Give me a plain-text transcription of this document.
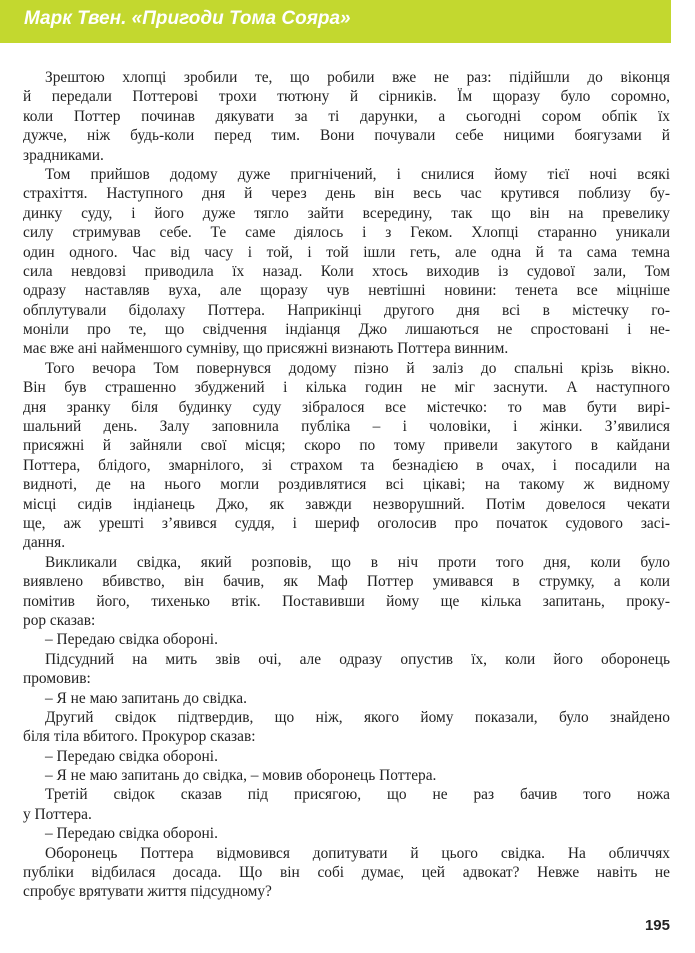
Марк Твен. «Пригоди Тома Сояра»
Зрештою хлопці зробили те, що робили вже не раз: підійшли до віконця
й передали Поттерові трохи тютюну й сірників. Їм щоразу було соромно,
коли Поттер починав дякувати за ті дарунки, а сьогодні сором обпік їх
дужче, ніж будь-коли перед тим. Вони почували себе ницими боягузами й
зрадниками.
Том прийшов додому дуже пригнічений, і снилися йому тієї ночі всякі
страхіття. Наступного дня й через день він весь час крутився поблизу бу-
динку суду, і його дуже тягло зайти всередину, так що він на превелику
силу стримував себе. Те саме діялось і з Геком. Хлопці старанно уникали
один одного. Час від часу і той, і той ішли геть, але одна й та сама темна
сила невдовзі приводила їх назад. Коли хтось виходив із судової зали, Том
одразу наставляв вуха, але щоразу чув невтішні новини: тенета все міцніше
обплутували бідолаху Поттера. Наприкінці другого дня всі в містечку го-
моніли про те, що свідчення індіанця Джо лишаються не спростовані і не-
має вже ані найменшого сумніву, що присяжні визнають Поттера винним.
Того вечора Том повернувся додому пізно й заліз до спальні крізь вікно.
Він був страшенно збуджений і кілька годин не міг заснути. А наступного
дня зранку біля будинку суду зібралося все містечко: то мав бути вирі-
шальний день. Залу заповнила публіка – і чоловіки, і жінки. З’явилися
присяжні й зайняли свої місця; скоро по тому привели закутого в кайдани
Поттера, блідого, змарнілого, зі страхом та безнадією в очах, і посадили на
видноті, де на нього могли роздивлятися всі цікаві; на такому ж видному
місці сидів індіанець Джо, як завжди незворушний. Потім довелося чекати
ще, аж урешті з’явився суддя, і шериф оголосив про початок судового засі-
дання.
Викликали свідка, який розповів, що в ніч проти того дня, коли було
виявлено вбивство, він бачив, як Маф Поттер умивався в струмку, а коли
помітив його, тихенько втік. Поставивши йому ще кілька запитань, проку-
рор сказав:
– Передаю свідка обороні.
Підсудний на мить звів очі, але одразу опустив їх, коли його оборонець
промовив:
– Я не маю запитань до свідка.
Другий свідок підтвердив, що ніж, якого йому показали, було знайдено
біля тіла вбитого. Прокурор сказав:
– Передаю свідка обороні.
– Я не маю запитань до свідка, – мовив оборонець Поттера.
Третій свідок сказав під присягою, що не раз бачив того ножа
у Поттера.
– Передаю свідка обороні.
Оборонець Поттера відмовився допитувати й цього свідка. На обличчях
публіки відбилася досада. Що він собі думає, цей адвокат? Невже навіть не
спробує врятувати життя підсудному?
195
